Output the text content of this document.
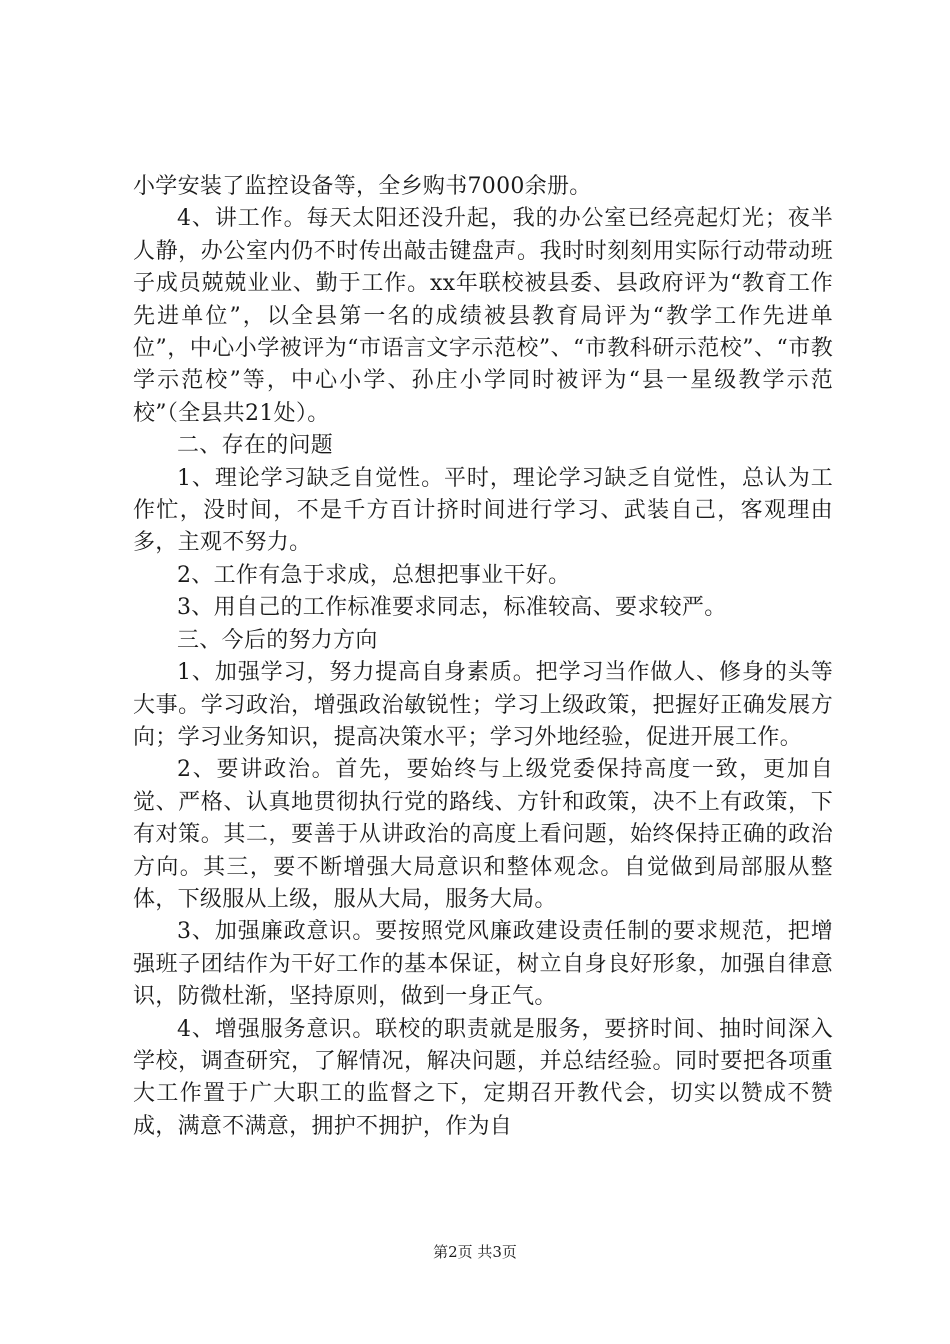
小学安装了监控设备等，全乡购书7000余册。

4、讲工作。每天太阳还没升起，我的办公室已经亮起灯光；夜半人静，办公室内仍不时传出敲击键盘声。我时时刻刻用实际行动带动班子成员兢兢业业、勤于工作。xx年联校被县委、县政府评为“教育工作先进单位”，以全县第一名的成绩被县教育局评为“教学工作先进单位”，中心小学被评为“市语言文字示范校”、“市教科研示范校”、“市教学示范校”等，中心小学、孙庄小学同时被评为“县一星级教学示范校”（全县共21处）。

二、存在的问题

1、理论学习缺乏自觉性。平时，理论学习缺乏自觉性，总认为工作忙，没时间，不是千方百计挤时间进行学习、武装自己，客观理由多，主观不努力。

2、工作有急于求成，总想把事业干好。

3、用自己的工作标准要求同志，标准较高、要求较严。

三、今后的努力方向

1、加强学习，努力提高自身素质。把学习当作做人、修身的头等大事。学习政治，增强政治敏锐性；学习上级政策，把握好正确发展方向；学习业务知识，提高决策水平；学习外地经验，促进开展工作。

2、要讲政治。首先，要始终与上级党委保持高度一致，更加自觉、严格、认真地贯彻执行党的路线、方针和政策，决不上有政策，下有对策。其二，要善于从讲政治的高度上看问题，始终保持正确的政治方向。其三，要不断增强大局意识和整体观念。自觉做到局部服从整体，下级服从上级，服从大局，服务大局。

3、加强廉政意识。要按照党风廉政建设责任制的要求规范，把增强班子团结作为干好工作的基本保证，树立自身良好形象，加强自律意识，防微杜渐，坚持原则，做到一身正气。

4、增强服务意识。联校的职责就是服务，要挤时间、抽时间深入学校，调查研究，了解情况，解决问题，并总结经验。同时要把各项重大工作置于广大职工的监督之下，定期召开教代会，切实以赞成不赞成，满意不满意，拥护不拥护，作为自

第2页 共3页
